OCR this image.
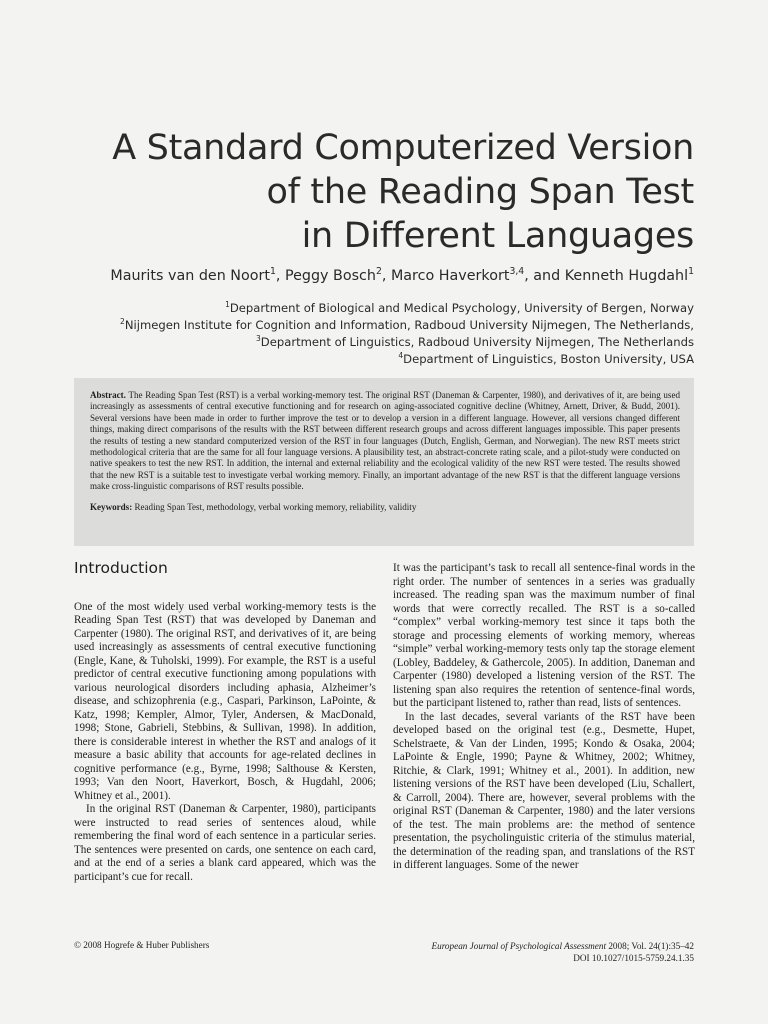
A Standard Computerized Version
of the Reading Span Test
in Different Languages
Maurits van den Noort$^1$, Peggy Bosch$^2$, Marco Haverkort$^{3,4}$, and Kenneth Hugdahl$^1$
$^1$Department of Biological and Medical Psychology, University of Bergen, Norway
$^2$Nijmegen Institute for Cognition and Information, Radboud University Nijmegen, The Netherlands,
$^3$Department of Linguistics, Radboud University Nijmegen, The Netherlands
$^4$Department of Linguistics, Boston University, USA

Abstract. The Reading Span Test (RST) is a verbal working-memory test. The original RST (Daneman & Carpenter, 1980), and derivatives of it, are being used increasingly as assessments of central executive functioning and for research on aging-associated cognitive decline (Whitney, Arnett, Driver, & Budd, 2001). Several versions have been made in order to further improve the test or to develop a version in a different language. However, all versions changed different things, making direct comparisons of the results with the RST between different research groups and across different languages impossible. This paper presents the results of testing a new standard computerized version of the RST in four languages (Dutch, English, German, and Norwegian). The new RST meets strict methodological criteria that are the same for all four language versions. A plausibility test, an abstract-concrete rating scale, and a pilot-study were conducted on native speakers to test the new RST. In addition, the internal and external reliability and the ecological validity of the new RST were tested. The results showed that the new RST is a suitable test to investigate verbal working memory. Finally, an important advantage of the new RST is that the different language versions make cross-linguistic comparisons of RST results possible.

Keywords: Reading Span Test, methodology, verbal working memory, reliability, validity

Introduction

One of the most widely used verbal working-memory tests is the Reading Span Test (RST) that was developed by Daneman and Carpenter (1980). The original RST, and derivatives of it, are being used increasingly as assessments of central executive functioning (Engle, Kane, & Tuholski, 1999). For example, the RST is a useful predictor of central executive functioning among populations with various neurological disorders including aphasia, Alzheimer’s disease, and schizophrenia (e.g., Caspari, Parkinson, LaPointe, & Katz, 1998; Kempler, Almor, Tyler, Andersen, & MacDonald, 1998; Stone, Gabrieli, Stebbins, & Sullivan, 1998). In addition, there is considerable interest in whether the RST and analogs of it measure a basic ability that accounts for age-related declines in cognitive performance (e.g., Byrne, 1998; Salthouse & Kersten, 1993; Van den Noort, Haverkort, Bosch, & Hugdahl, 2006; Whitney et al., 2001).

In the original RST (Daneman & Carpenter, 1980), participants were instructed to read series of sentences aloud, while remembering the final word of each sentence in a particular series. The sentences were presented on cards, one sentence on each card, and at the end of a series a blank card appeared, which was the participant’s cue for recall.

It was the participant’s task to recall all sentence-final words in the right order. The number of sentences in a series was gradually increased. The reading span was the maximum number of final words that were correctly recalled. The RST is a so-called “complex” verbal working-memory test since it taps both the storage and processing elements of working memory, whereas “simple” verbal working-memory tests only tap the storage element (Lobley, Baddeley, & Gathercole, 2005). In addition, Daneman and Carpenter (1980) developed a listening version of the RST. The listening span also requires the retention of sentence-final words, but the participant listened to, rather than read, lists of sentences.

In the last decades, several variants of the RST have been developed based on the original test (e.g., Desmette, Hupet, Schelstraete, & Van der Linden, 1995; Kondo & Osaka, 2004; LaPointe & Engle, 1990; Payne & Whitney, 2002; Whitney, Ritchie, & Clark, 1991; Whitney et al., 2001). In addition, new listening versions of the RST have been developed (Liu, Schallert, & Carroll, 2004). There are, however, several problems with the original RST (Daneman & Carpenter, 1980) and the later versions of the test. The main problems are: the method of sentence presentation, the psycholinguistic criteria of the stimulus material, the determination of the reading span, and translations of the RST in different languages. Some of the newer

© 2008 Hogrefe & Huber Publishers	European Journal of Psychological Assessment 2008; Vol. 24(1):35–42
DOI 10.1027/1015-5759.24.1.35
